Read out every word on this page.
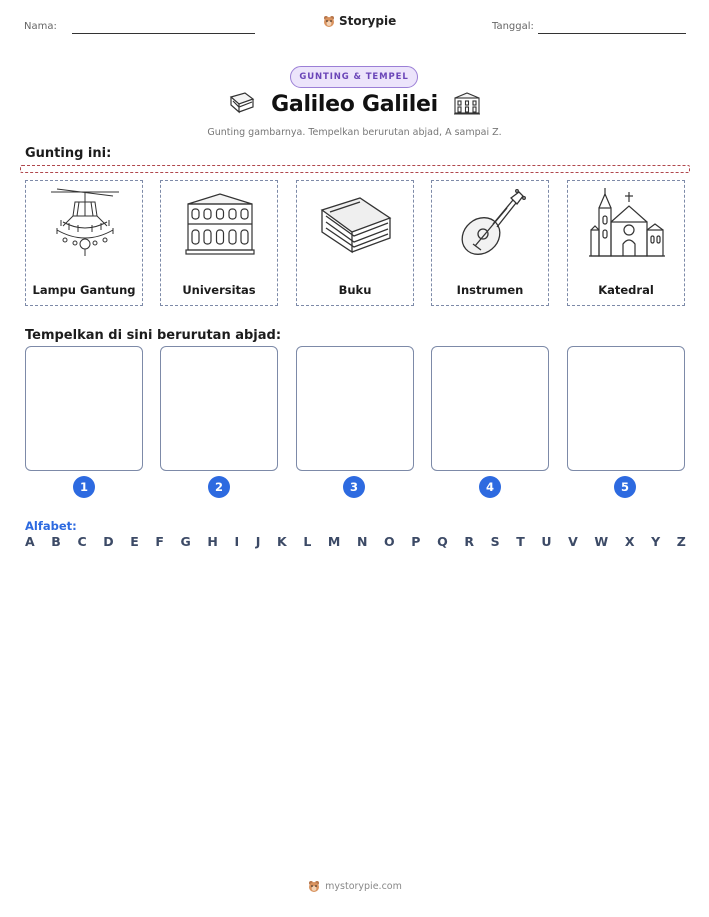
Nama:	Storypie	Tanggal:
GUNTING & TEMPEL
Galileo Galilei
Gunting gambarnya. Tempelkan berurutan abjad, A sampai Z.
Gunting ini:
Lampu Gantung	Universitas	Buku	Instrumen	Katedral
Tempelkan di sini berurutan abjad:
1	2	3	4	5
Alfabet:
A B C D E F G H I J K L M N O P Q R S T U V W X Y Z
mystorypie.com
